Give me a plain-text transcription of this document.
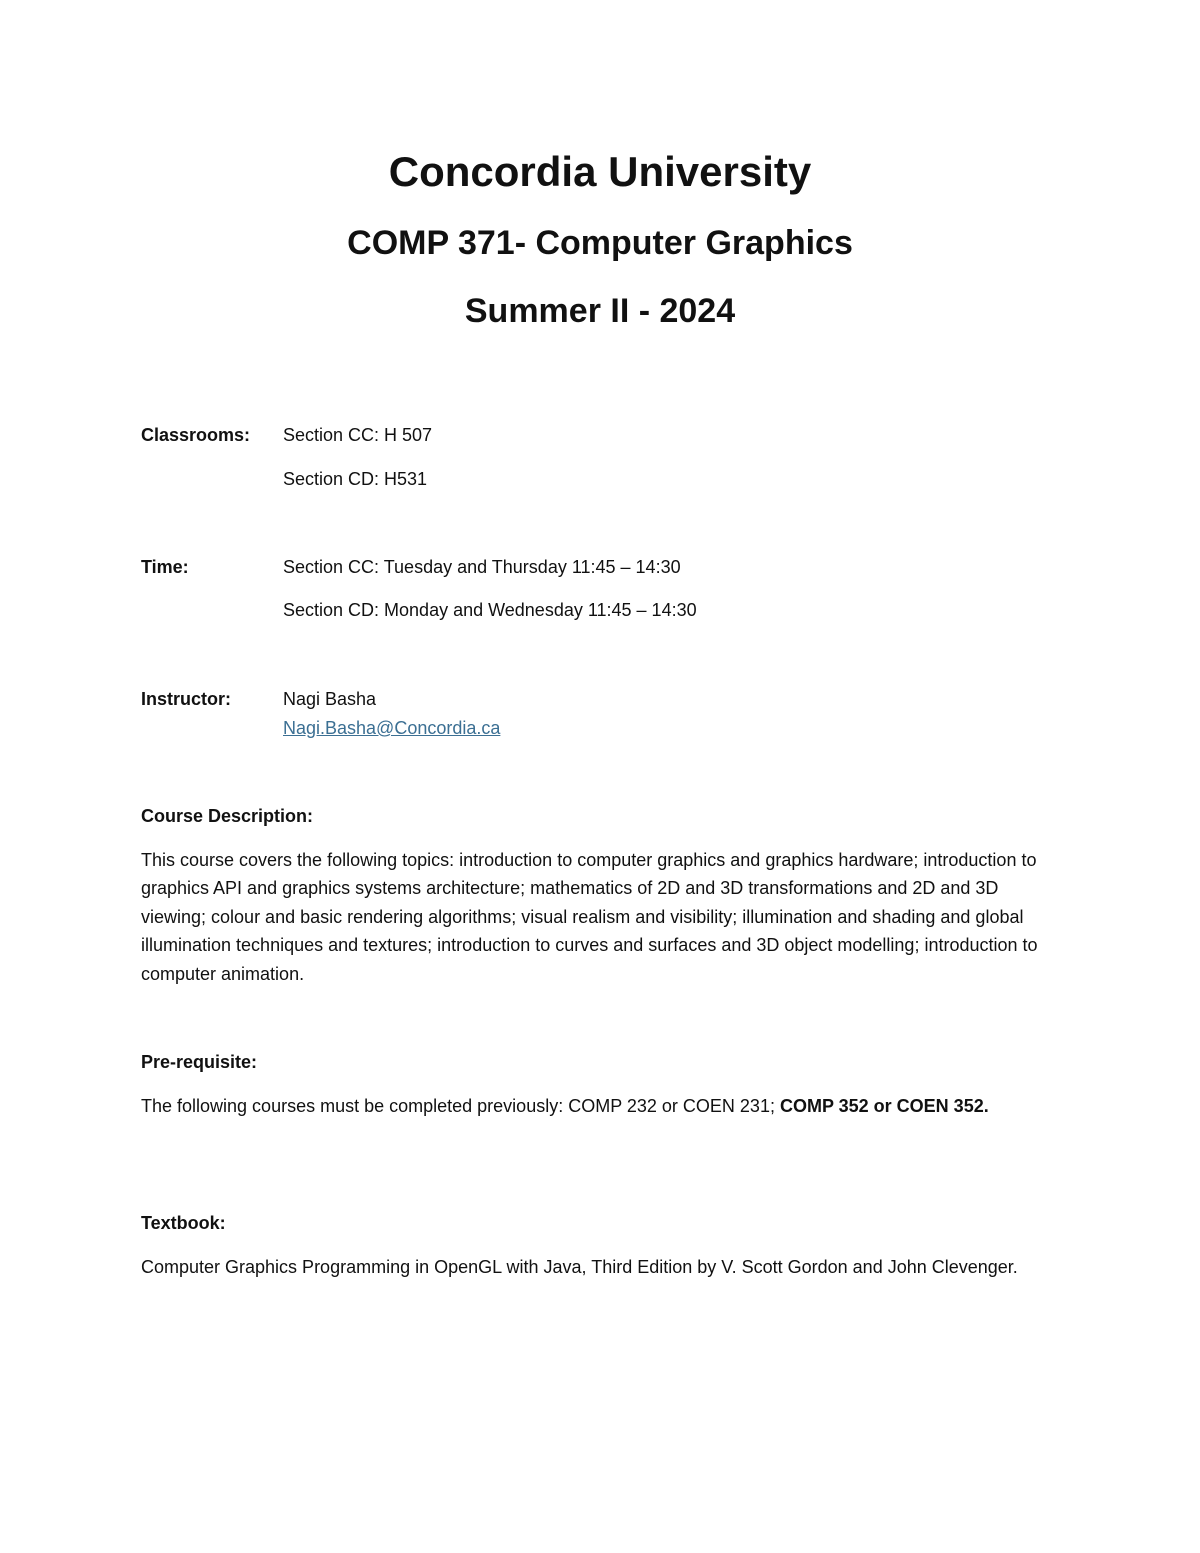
Concordia University
COMP 371- Computer Graphics
Summer II - 2024
Classrooms: Section CC: H 507
Section CD: H531
Time:	Section CC: Tuesday and Thursday 11:45 – 14:30
Section CD: Monday and Wednesday 11:45 – 14:30
Instructor:	Nagi Basha
Nagi.Basha@Concordia.ca
Course Description:
This course covers the following topics: introduction to computer graphics and graphics hardware; introduction to graphics API and graphics systems architecture; mathematics of 2D and 3D transformations and 2D and 3D viewing; colour and basic rendering algorithms; visual realism and visibility; illumination and shading and global illumination techniques and textures; introduction to curves and surfaces and 3D object modelling; introduction to computer animation.
Pre-requisite:
The following courses must be completed previously: COMP 232 or COEN 231; COMP 352 or COEN 352.
Textbook:
Computer Graphics Programming in OpenGL with Java, Third Edition by V. Scott Gordon and John Clevenger.
